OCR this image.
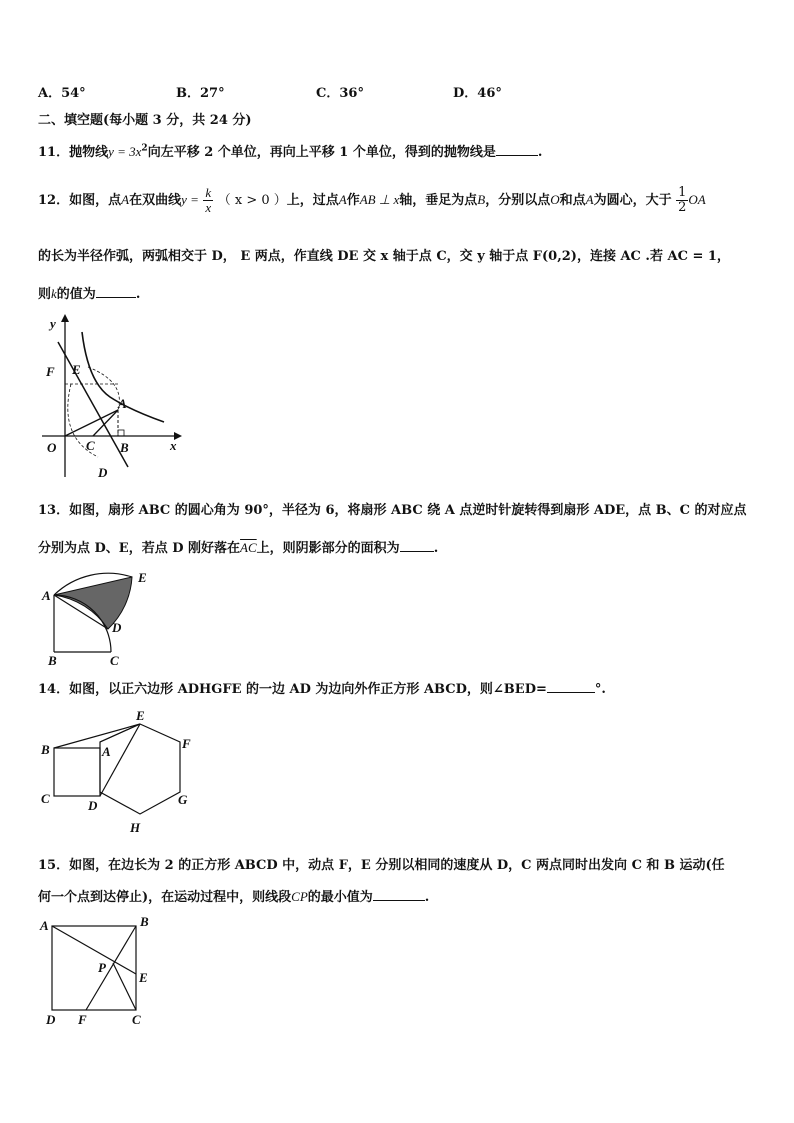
A．54°	B．27°	C．36°	D．46°
二、填空题(每小题 3 分，共 24 分)
11．抛物线$y = 3x^2$向左平移 2 个单位，再向上平移 1 个单位，得到的抛物线是	.
12．如图，点A在双曲线$y = \frac{k}{x}$ （ x > 0 ）上，过点A作AB ⊥ x轴，垂足为点B，分别以点O和点A为圆心，大于 $\frac{1}{2}$ OA
的长为半径作弧，两弧相交于 D， E 两点，作直线 DE 交 x 轴于点 C，交 y 轴于点 F(0,2)，连接 AC .若 AC = 1，
则k的值为	.
y
x
F E
A
O C B
D
13．如图，扇形 ABC 的圆心角为 90°，半径为 6，将扇形 ABC 绕 A 点逆时针旋转得到扇形 ADE，点 B、C 的对应点
分别为点 D、E，若点 D 刚好落在$\overline{AC}$上，则阴影部分的面积为	.
A
E
D
B	C
14．如图，以正六边形 ADHGFE 的一边 AD 为边向外作正方形 ABCD，则∠BED=	°.
E
F
B	A
C	D	G
H
15．如图，在边长为 2 的正方形 ABCD 中，动点 F，E 分别以相同的速度从 D，C 两点同时出发向 C 和 B 运动(任
何一个点到达停止)，在运动过程中，则线段CP的最小值为	.
A	B
P
E
D F	C
